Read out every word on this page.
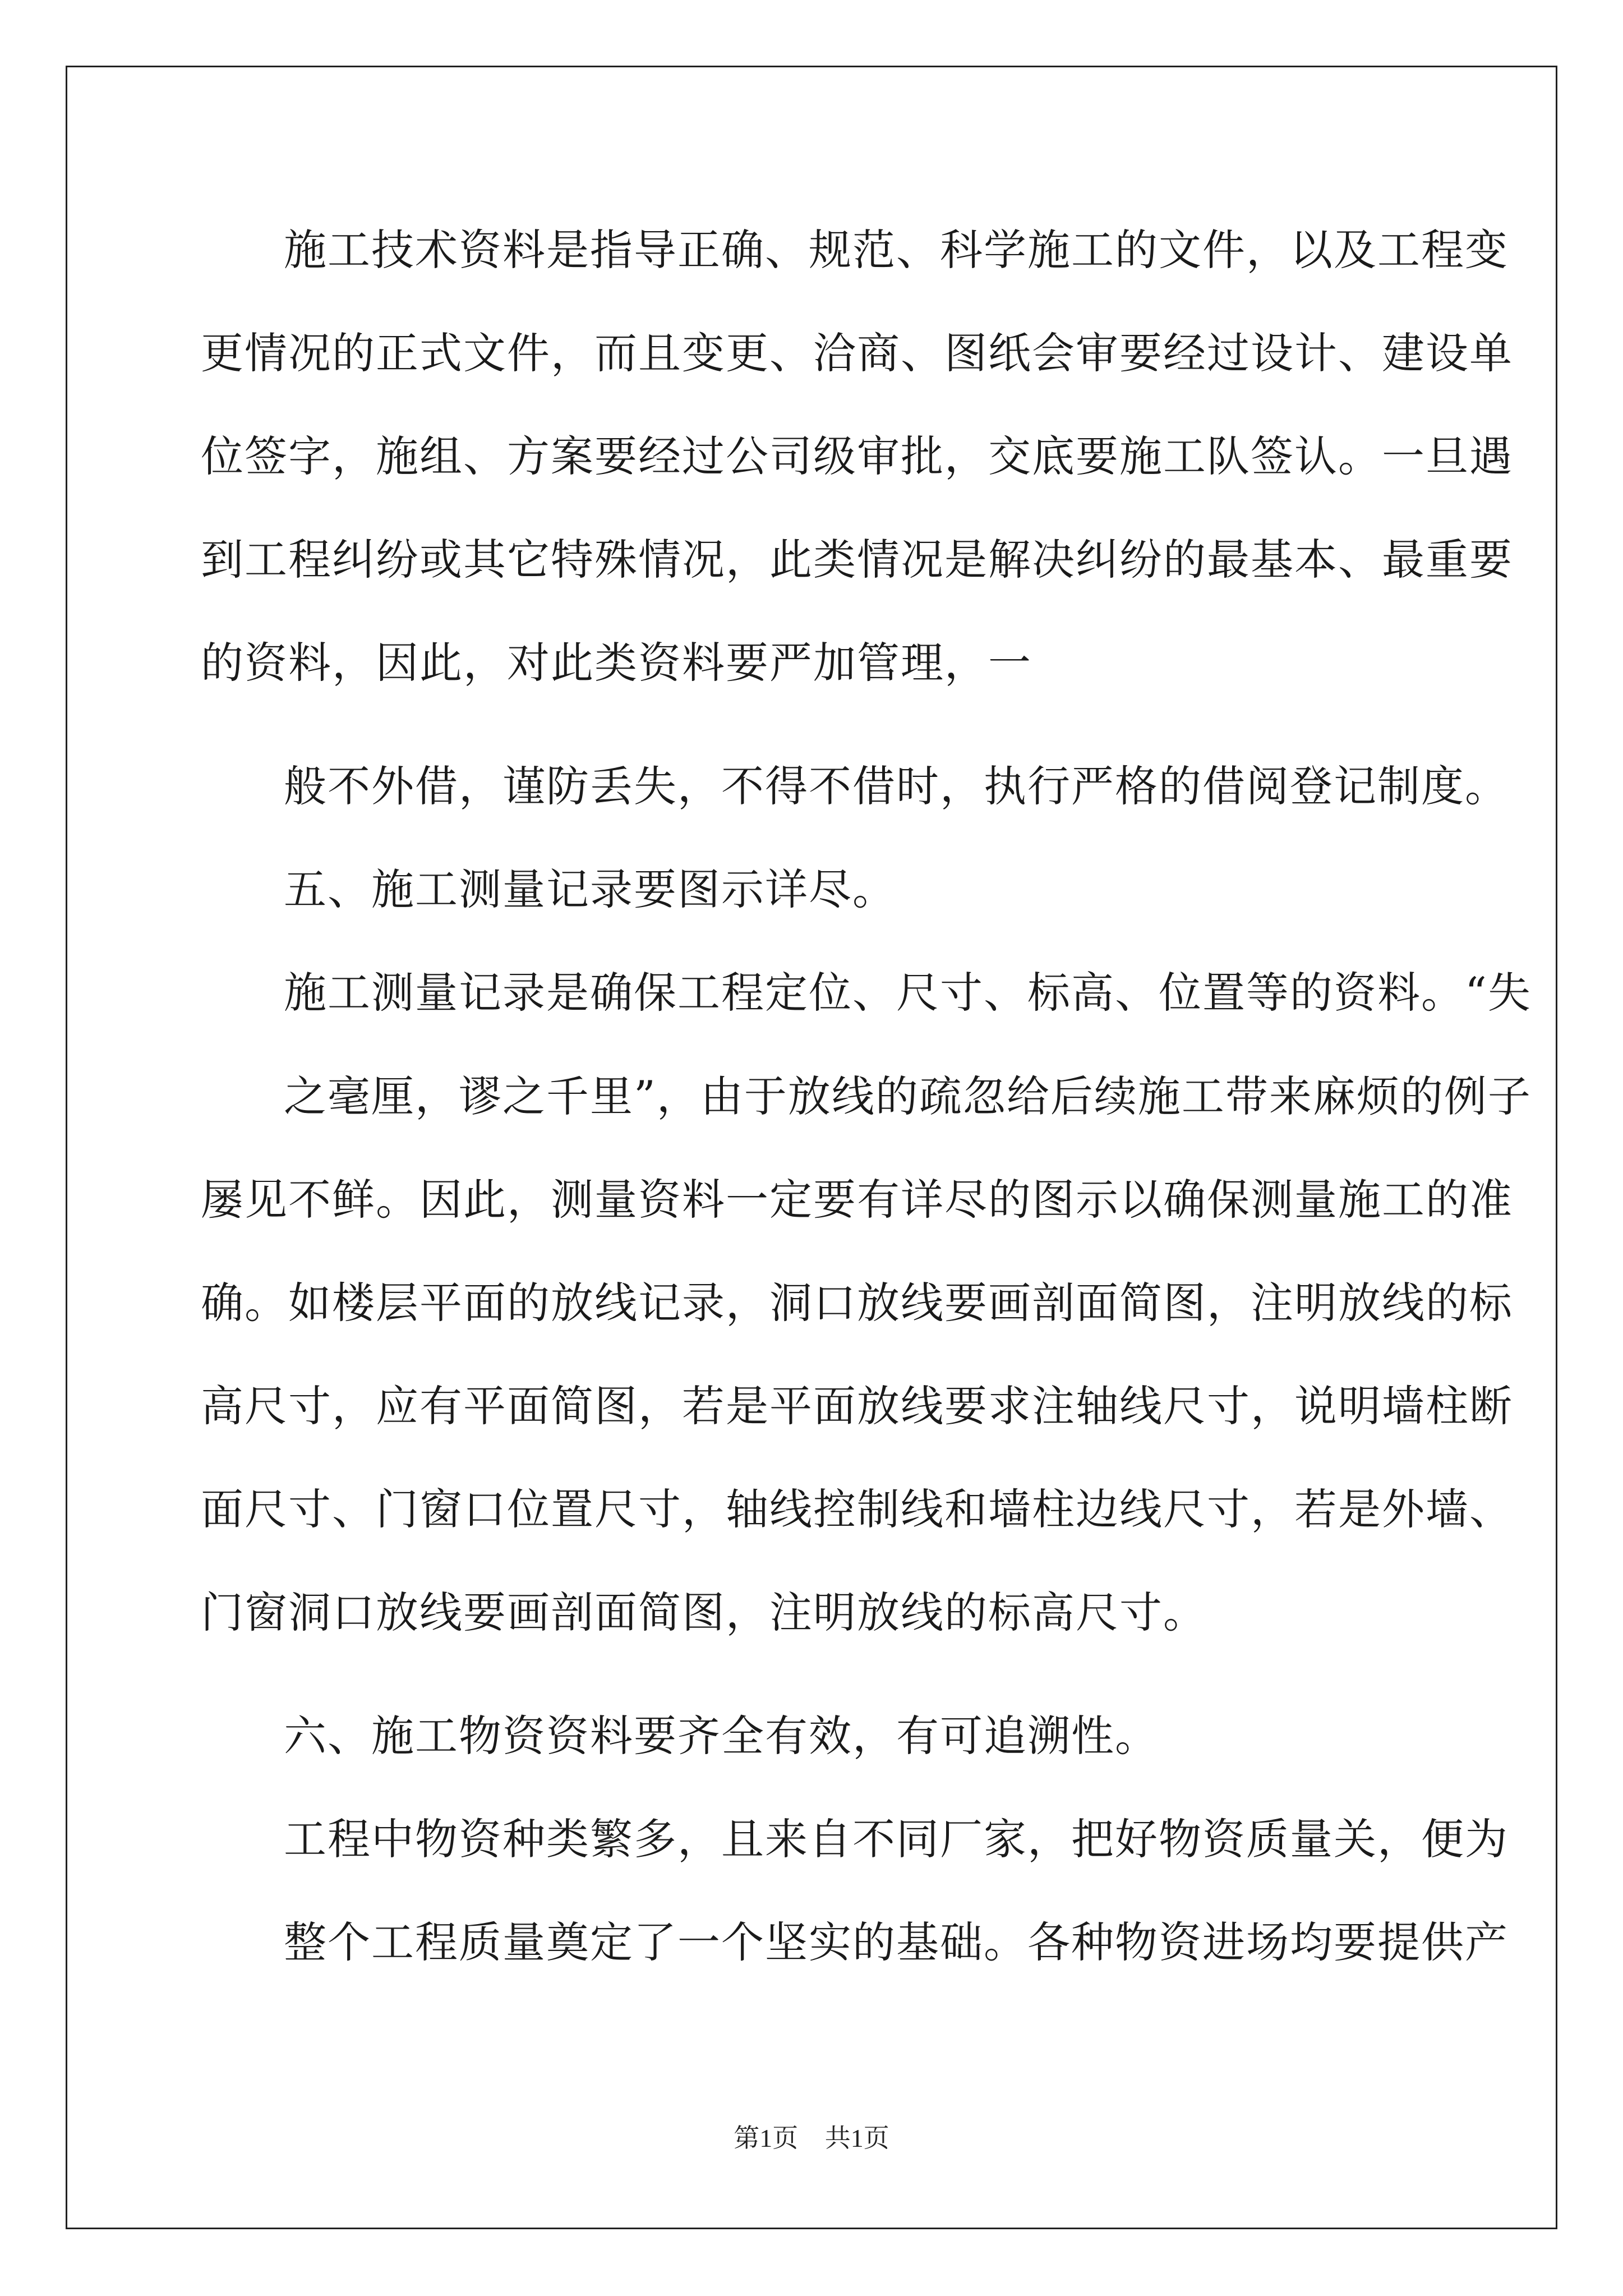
施工技术资料是指导正确、规范、科学施工的文件，以及工程变
更情况的正式文件，而且变更、洽商、图纸会审要经过设计、建设单
位签字，施组、方案要经过公司级审批，交底要施工队签认。一旦遇
到工程纠纷或其它特殊情况，此类情况是解决纠纷的最基本、最重要
的资料，因此，对此类资料要严加管理，一
般不外借，谨防丢失，不得不借时，执行严格的借阅登记制度。
五、施工测量记录要图示详尽。
施工测量记录是确保工程定位、尺寸、标高、位置等的资料。“失
之毫厘，谬之千里”，由于放线的疏忽给后续施工带来麻烦的例子
屡见不鲜。因此，测量资料一定要有详尽的图示以确保测量施工的准
确。如楼层平面的放线记录，洞口放线要画剖面简图，注明放线的标
高尺寸，应有平面简图，若是平面放线要求注轴线尺寸，说明墙柱断
面尺寸、门窗口位置尺寸，轴线控制线和墙柱边线尺寸，若是外墙、
门窗洞口放线要画剖面简图，注明放线的标高尺寸。
六、施工物资资料要齐全有效，有可追溯性。
工程中物资种类繁多，且来自不同厂家，把好物资质量关，便为
整个工程质量奠定了一个坚实的基础。各种物资进场均要提供产
第1页 共1页
